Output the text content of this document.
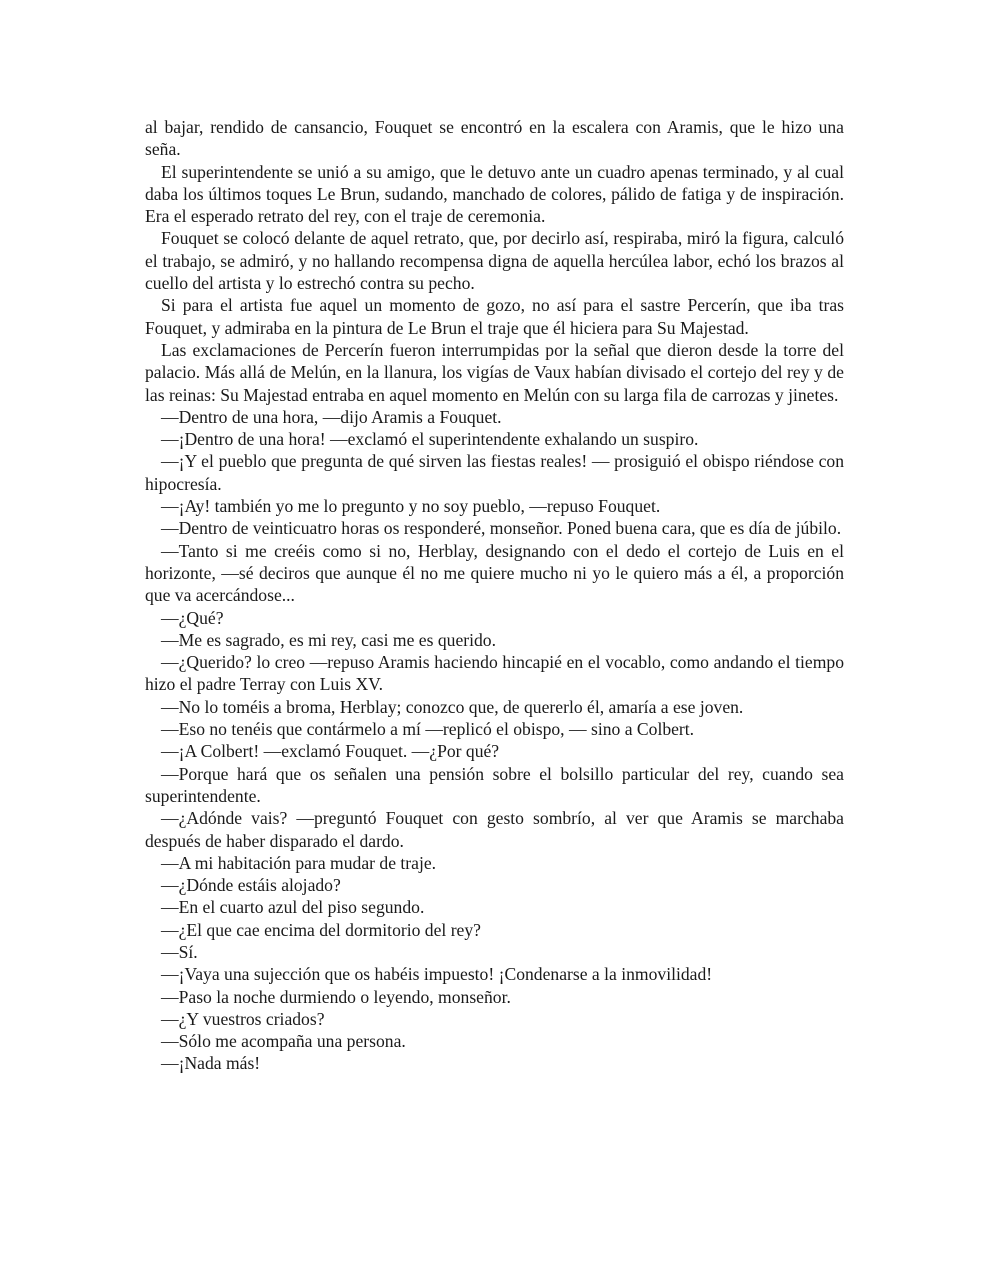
al bajar, rendido de cansancio, Fouquet se encontró en la escalera con Aramis, que le hizo una seña.

El superintendente se unió a su amigo, que le detuvo ante un cuadro apenas terminado, y al cual daba los últimos toques Le Brun, sudando, manchado de colores, pálido de fatiga y de inspiración. Era el esperado retrato del rey, con el traje de ceremonia.

Fouquet se colocó delante de aquel retrato, que, por decirlo así, respiraba, miró la figura, calculó el trabajo, se admiró, y no hallando recompensa digna de aquella hercúlea labor, echó los brazos al cuello del artista y lo estrechó contra su pecho.

Si para el artista fue aquel un momento de gozo, no así para el sastre Percerín, que iba tras Fouquet, y admiraba en la pintura de Le Brun el traje que él hiciera para Su Majestad.

Las exclamaciones de Percerín fueron interrumpidas por la señal que dieron desde la torre del palacio. Más allá de Melún, en la llanura, los vigías de Vaux habían divisado el cortejo del rey y de las reinas: Su Majestad entraba en aquel momento en Melún con su larga fila de carrozas y jinetes.

—Dentro de una hora, —dijo Aramis a Fouquet.

—¡Dentro de una hora! —exclamó el superintendente exhalando un suspiro.

—¡Y el pueblo que pregunta de qué sirven las fiestas reales! — prosiguió el obispo riéndose con hipocresía.

—¡Ay! también yo me lo pregunto y no soy pueblo, —repuso Fouquet.

—Dentro de veinticuatro horas os responderé, monseñor. Poned buena cara, que es día de júbilo.

—Tanto si me creéis como si no, Herblay, designando con el dedo el cortejo de Luis en el horizonte, —sé deciros que aunque él no me quiere mucho ni yo le quiero más a él, a proporción que va acercándose...

—¿Qué?

—Me es sagrado, es mi rey, casi me es querido.

—¿Querido? lo creo —repuso Aramis haciendo hincapié en el vocablo, como andando el tiempo hizo el padre Terray con Luis XV.

—No lo toméis a broma, Herblay; conozco que, de quererlo él, amaría a ese joven.

—Eso no tenéis que contármelo a mí —replicó el obispo, — sino a Colbert.

—¡A Colbert! —exclamó Fouquet. —¿Por qué?

—Porque hará que os señalen una pensión sobre el bolsillo particular del rey, cuando sea superintendente.

—¿Adónde vais? —preguntó Fouquet con gesto sombrío, al ver que Aramis se marchaba después de haber disparado el dardo.

—A mi habitación para mudar de traje.

—¿Dónde estáis alojado?

—En el cuarto azul del piso segundo.

—¿El que cae encima del dormitorio del rey?

—Sí.

—¡Vaya una sujección que os habéis impuesto! ¡Condenarse a la inmovilidad!

—Paso la noche durmiendo o leyendo, monseñor.

—¿Y vuestros criados?

—Sólo me acompaña una persona.

—¡Nada más!
